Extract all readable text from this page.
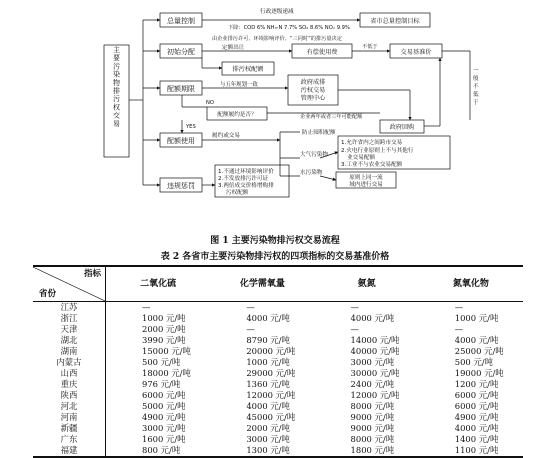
主要污染物排污权交易
总量控制
初始分配
配额期限
配额使用
违规惩罚
省市总量控制目标
行政逐级递减
下降：COD 6% NH₃-N 7.7% SO₂ 8.6% NOₓ 9.9%
由企业排污许可、环境影响评价、“三同时”的排污量决定
定额出让
有偿使用费
不低于
交易基准价
排污权配额
与五年规划一致	政府成排
污权交易
管理中心
NO
配额履约是否？
YES	政府回购
企业两年或者三年可能配额
履约或交易	防止囤积配额
1.允许省内之间跨市交易
2.火电行业原则上不与其他行
业交易配额
3.工业不与农业交易配额
大气污染物
水污染物
原则上同一流
域内进行交易
1.不通过环境影响评价
2.不发放排污许可证
3.两倍成交价格增购排
污权配额
一
般
不
低
于
图 1 主要污染物排污权交易流程
表 2 各省市主要污染物排污权的四项指标的交易基准价格
指标
省份	二氧化硫	化学需氧量	氨氮	氮氧化物
江苏	—	—	—	—
浙江	1000 元/吨	4000 元/吨	4000 元/吨	1000 元/吨
天津	2000 元/吨	—	—	—
湖北	3990 元/吨	8790 元/吨	14000 元/吨	4000 元/吨
湖南	15000 元/吨	20000 元/吨	40000 元/吨	25000 元/吨
内蒙古	500 元/吨	1000 元/吨	3000 元/吨	500 元/吨
山西	18000 元/吨	29000 元/吨	30000 元/吨	19000 元/吨
重庆	976 元/吨	1360 元/吨	2400 元/吨	1200 元/吨
陕西	6000 元/吨	12000 元/吨	12000 元/吨	6000 元/吨
河北	5000 元/吨	4000 元/吨	8000 元/吨	6000 元/吨
河南	4900 元/吨	45000 元/吨	9000 元/吨	4900 元/吨
新疆	3000 元/吨	2000 元/吨	9000 元/吨	4000 元/吨
广东	1600 元/吨	3000 元/吨	8000 元/吨	1400 元/吨
福建	800 元/吨	1300 元/吨	1800 元/吨	1100 元/吨
